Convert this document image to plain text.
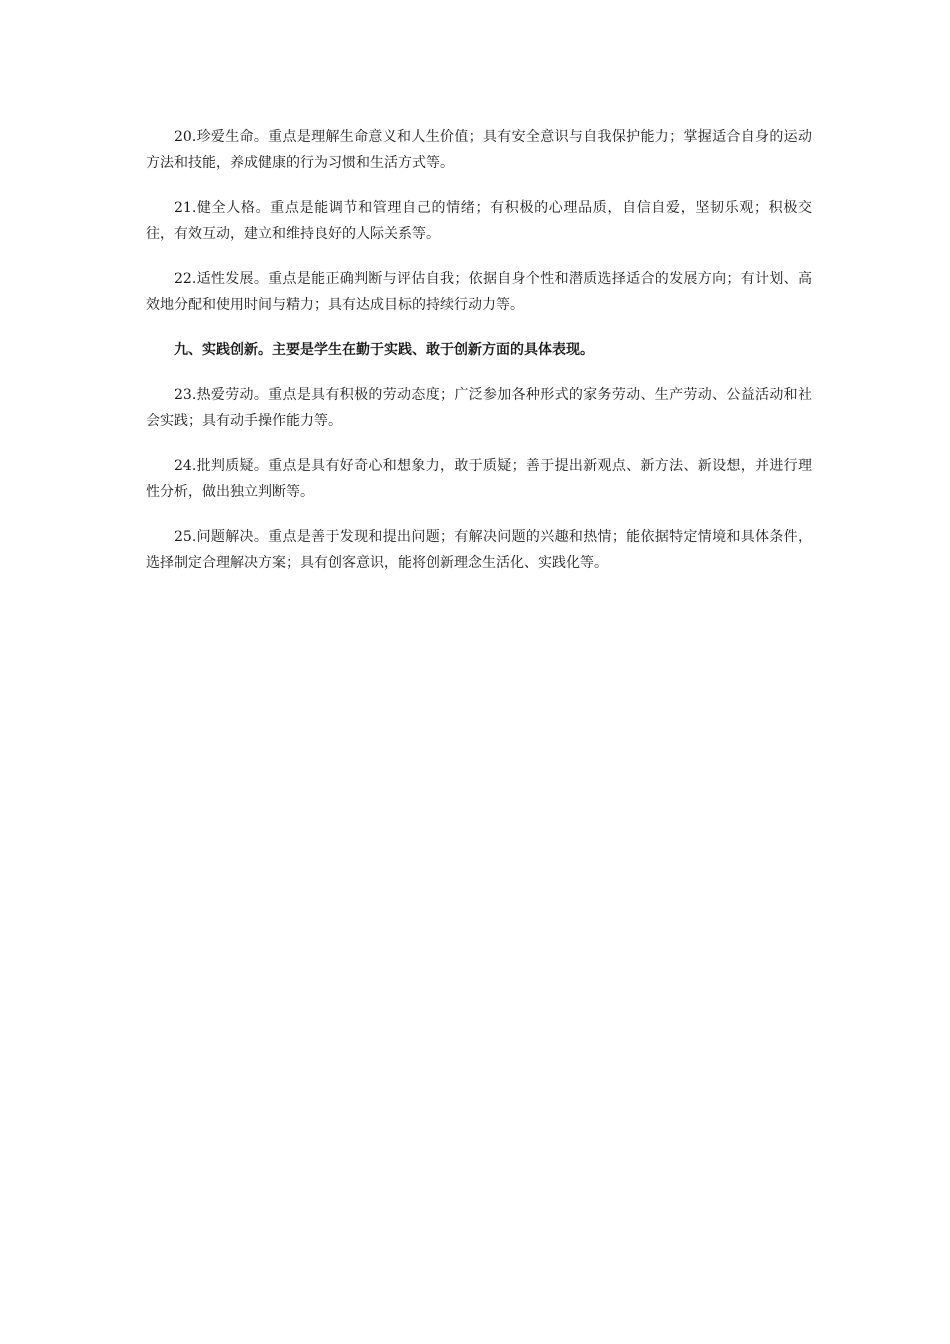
20.珍爱生命。重点是理解生命意义和人生价值；具有安全意识与自我保护能力；掌握适合自身的运动方法和技能，养成健康的行为习惯和生活方式等。

21.健全人格。重点是能调节和管理自己的情绪；有积极的心理品质，自信自爱，坚韧乐观；积极交往，有效互动，建立和维持良好的人际关系等。

22.适性发展。重点是能正确判断与评估自我；依据自身个性和潜质选择适合的发展方向；有计划、高效地分配和使用时间与精力；具有达成目标的持续行动力等。

九、实践创新。主要是学生在勤于实践、敢于创新方面的具体表现。

23.热爱劳动。重点是具有积极的劳动态度；广泛参加各种形式的家务劳动、生产劳动、公益活动和社会实践；具有动手操作能力等。

24.批判质疑。重点是具有好奇心和想象力，敢于质疑；善于提出新观点、新方法、新设想，并进行理性分析，做出独立判断等。

25.问题解决。重点是善于发现和提出问题；有解决问题的兴趣和热情；能依据特定情境和具体条件，选择制定合理解决方案；具有创客意识，能将创新理念生活化、实践化等。
